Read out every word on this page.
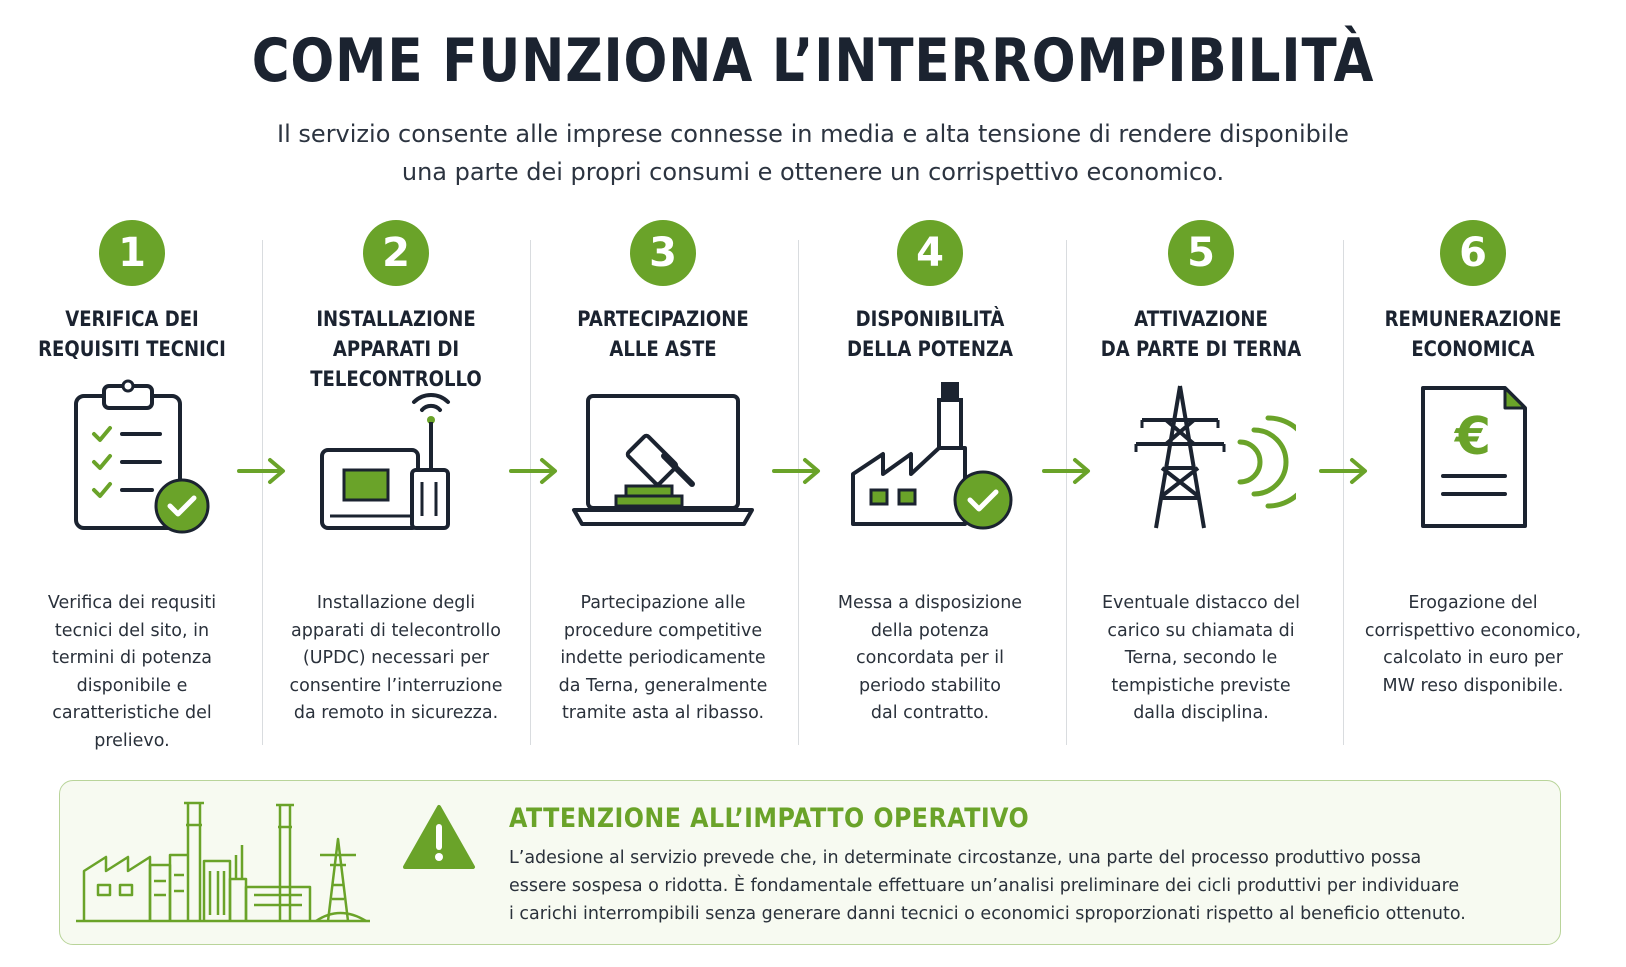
COME FUNZIONA L’INTERROMPIBILITÀ
Il servizio consente alle imprese connesse in media e alta tensione di rendere disponibile
una parte dei propri consumi e ottenere un corrispettivo economico.
1
VERIFICA DEI
REQUISITI TECNICI
Verifica dei requsiti
tecnici del sito, in
termini di potenza
disponibile e
caratteristiche del
prelievo.
2
INSTALLAZIONE
APPARATI DI
TELECONTROLLO
Installazione degli
apparati di telecontrollo
(UPDC) necessari per
consentire l’interruzione
da remoto in sicurezza.
3
PARTECIPAZIONE
ALLE ASTE
Partecipazione alle
procedure competitive
indette periodicamente
da Terna, generalmente
tramite asta al ribasso.
4
DISPONIBILITÀ
DELLA POTENZA
Messa a disposizione
della potenza
concordata per il
periodo stabilito
dal contratto.
5
ATTIVAZIONE
DA PARTE DI TERNA
Eventuale distacco del
carico su chiamata di
Terna, secondo le
tempistiche previste
dalla disciplina.
6
REMUNERAZIONE
ECONOMICA
€
Erogazione del
corrispettivo economico,
calcolato in euro per
MW reso disponibile.
ATTENZIONE ALL’IMPATTO OPERATIVO
L’adesione al servizio prevede che, in determinate circostanze, una parte del processo produttivo possa
essere sospesa o ridotta. È fondamentale effettuare un’analisi preliminare dei cicli produttivi per individuare
i carichi interrompibili senza generare danni tecnici o economici sproporzionati rispetto al beneficio ottenuto.
